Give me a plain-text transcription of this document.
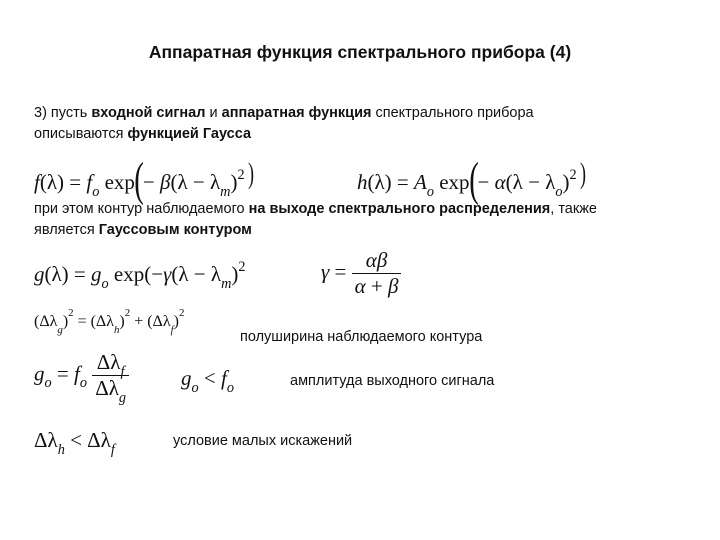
Аппаратная функция спектрального прибора (4)
3) пусть входной сигнал и аппаратная функция спектрального прибора
описываются функцией Гаусса
$f(\lambda) = f_o$ $\exp(- \beta(\lambda - \lambda_m)^2$ )	$h(\lambda) = A_o$ $\exp(- \alpha(\lambda - \lambda_o)^2$ )
при этом контур наблюдаемого на выходе спектрального распределения, также
является Гауссовым контуром
$g(\lambda) = g_o$ $\exp(-\gamma(\lambda - \lambda_m)^2$	$\gamma = \frac{\alpha\beta}{\alpha + \beta}$
$(\Delta\lambda_g)^2 = (\Delta\lambda_h)^2 + (\Delta\lambda_f)^2$
полуширина наблюдаемого контура
$g_o = f_o \frac{\Delta\lambda_f}{\Delta\lambda_g} g_o < f_o$	амплитуда выходного сигнала
$\Delta\lambda_h < \Delta\lambda_f$
условие малых искажений
